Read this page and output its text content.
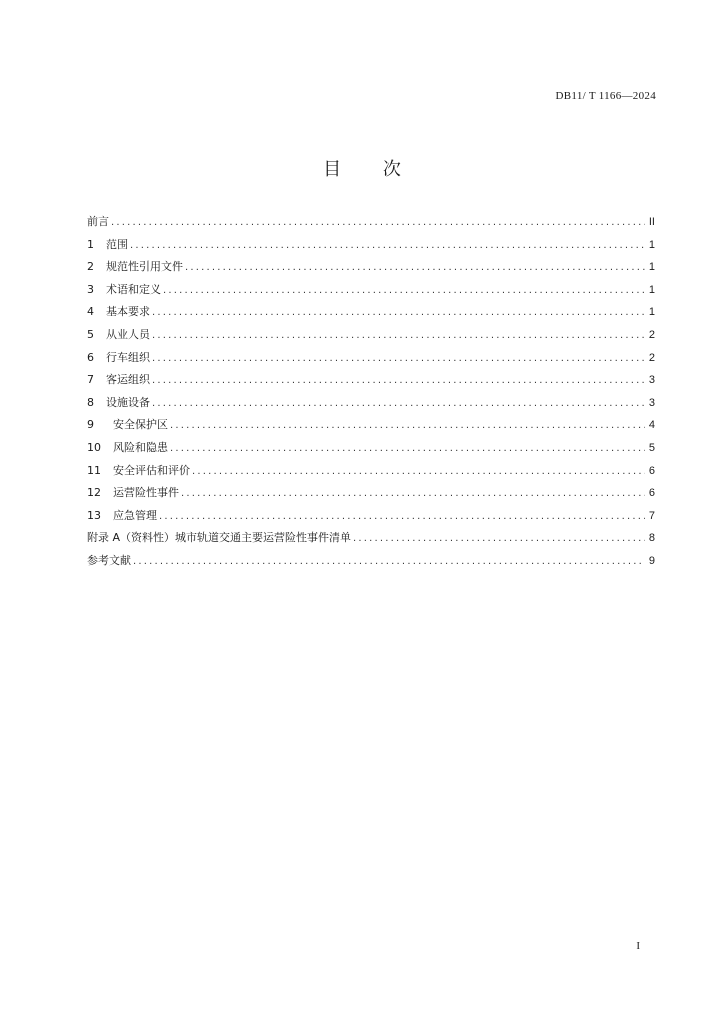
DB11/ T 1166—2024
目 次
前言 .....	II
1	范围 .....	1
2	规范性引用文件 .....	1
3	术语和定义 .....	1
4	基本要求 .....	1
5	从业人员 .....	2
6	行车组织 .....	2
7	客运组织 .....	3
8	设施设备 .....	3
9	安全保护区 .....	4
10	风险和隐患 .....	5
11	安全评估和评价 .....	6
12	运营险性事件 .....	6
13	应急管理 .....	7
附录 A（资料性）城市轨道交通主要运营险性事件清单 .....	8
参考文献 .....	9
I
